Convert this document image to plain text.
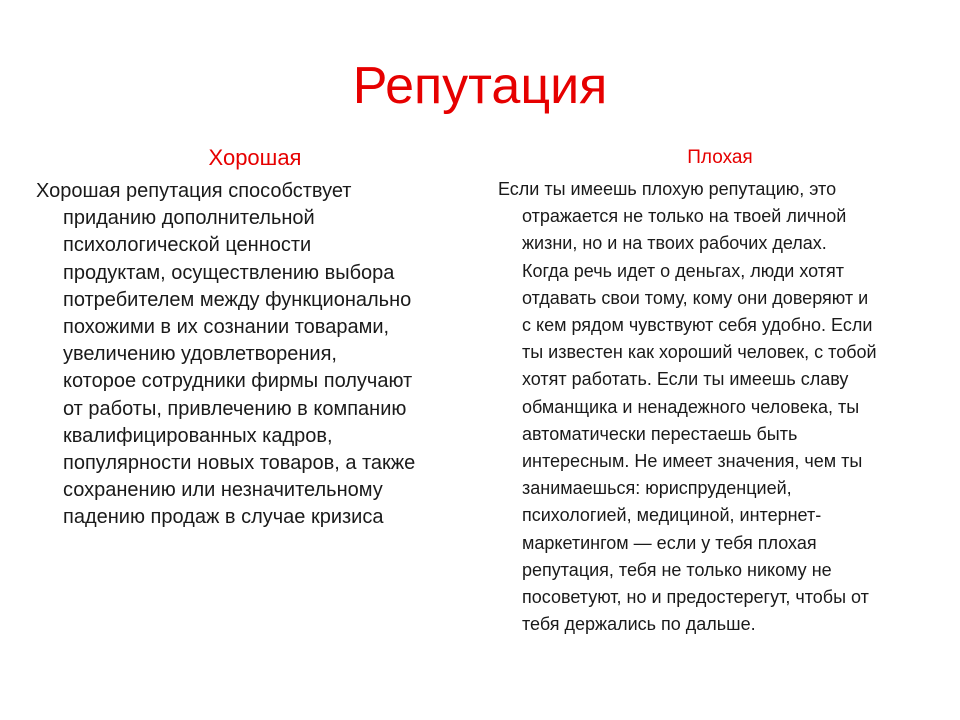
Репутация
Хорошая
Хорошая репутация способствует
приданию дополнительной
психологической ценности
продуктам, осуществлению выбора
потребителем между функционально
похожими в их сознании товарами,
увеличению удовлетворения,
которое сотрудники фирмы получают
от работы, привлечению в компанию
квалифицированных кадров,
популярности новых товаров, а также
сохранению или незначительному
падению продаж в случае кризиса
Плохая
Если ты имеешь плохую репутацию, это
отражается не только на твоей личной
жизни, но и на твоих рабочих делах.
Когда речь идет о деньгах, люди хотят
отдавать свои тому, кому они доверяют и
с кем рядом чувствуют себя удобно. Если
ты известен как хороший человек, с тобой
хотят работать. Если ты имеешь славу
обманщика и ненадежного человека, ты
автоматически перестаешь быть
интересным. Не имеет значения, чем ты
занимаешься: юриспруденцией,
психологией, медициной, интернет-
маркетингом — если у тебя плохая
репутация, тебя не только никому не
посоветуют, но и предостерегут, чтобы от
тебя держались по дальше.
